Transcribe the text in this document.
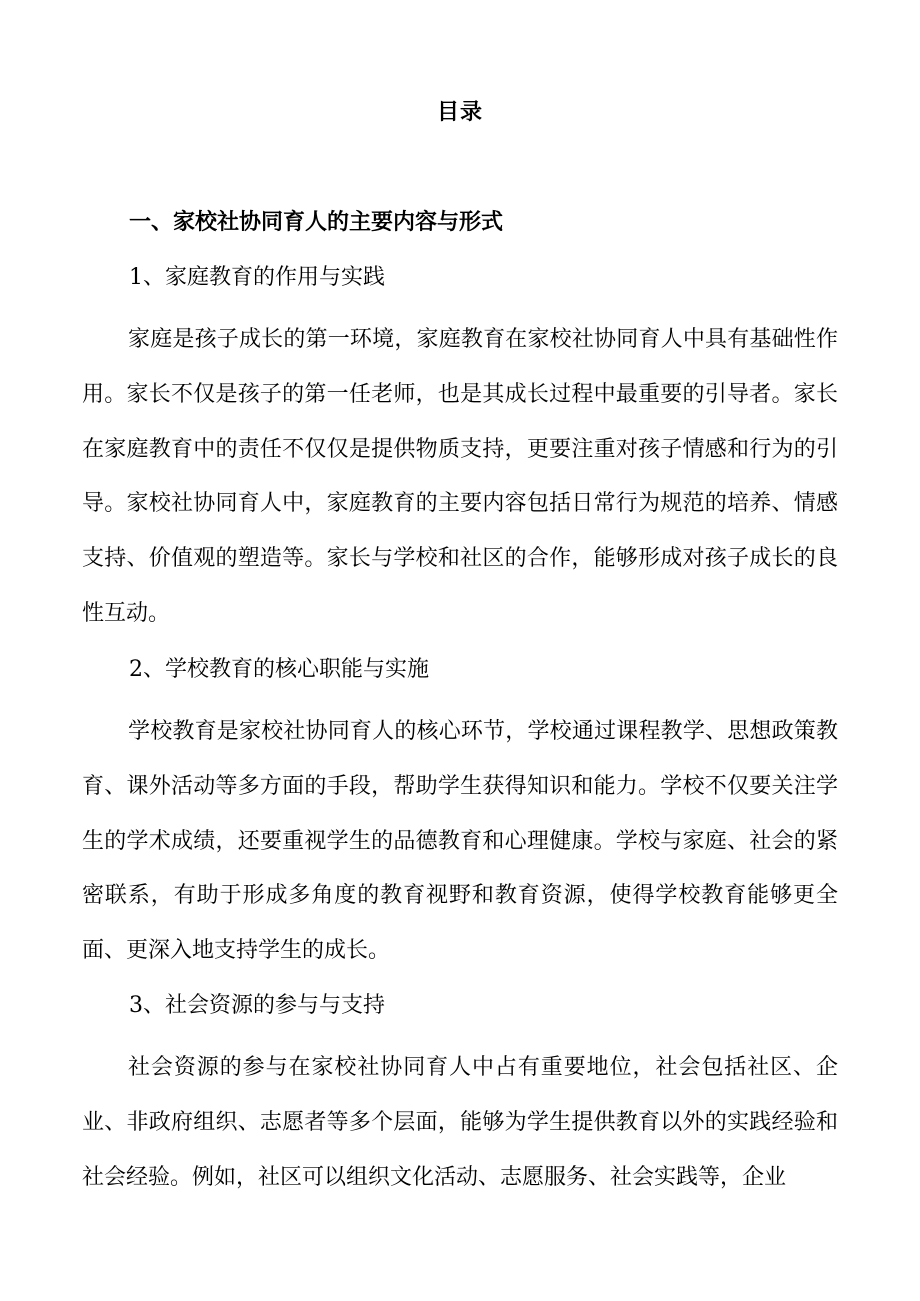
目录
一、家校社协同育人的主要内容与形式
1、家庭教育的作用与实践
家庭是孩子成长的第一环境，家庭教育在家校社协同育人中具有基础性作用。家长不仅是孩子的第一任老师，也是其成长过程中最重要的引导者。家长在家庭教育中的责任不仅仅是提供物质支持，更要注重对孩子情感和行为的引导。家校社协同育人中，家庭教育的主要内容包括日常行为规范的培养、情感支持、价值观的塑造等。家长与学校和社区的合作，能够形成对孩子成长的良性互动。
2、学校教育的核心职能与实施
学校教育是家校社协同育人的核心环节，学校通过课程教学、思想政策教育、课外活动等多方面的手段，帮助学生获得知识和能力。学校不仅要关注学生的学术成绩，还要重视学生的品德教育和心理健康。学校与家庭、社会的紧密联系，有助于形成多角度的教育视野和教育资源，使得学校教育能够更全面、更深入地支持学生的成长。
3、社会资源的参与与支持
社会资源的参与在家校社协同育人中占有重要地位，社会包括社区、企业、非政府组织、志愿者等多个层面，能够为学生提供教育以外的实践经验和社会经验。例如，社区可以组织文化活动、志愿服务、社会实践等，企业
